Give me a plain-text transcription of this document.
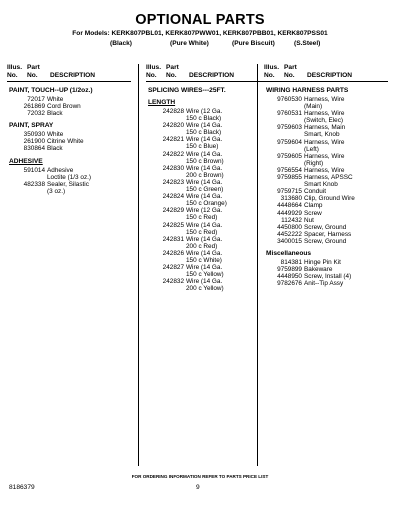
OPTIONAL PARTS
For Models: KERK807PBL01, KERK807PWW01, KERK807PBB01, KERK807PSS01
(Black)	(Pure White)	(Pure Biscuit)	(S.Steel)
Illus.
No.
Part
No.	DESCRIPTION
PAINT, TOUCH--UP (1/2oz.)
72017 White
261869 Cord Brown
72032 Black
PAINT, SPRAY
350930 White
261900 Citrine White
830864 Black
ADHESIVE
591014 Adhesive
Loctite (1/3 oz.)
482338 Sealer, Silastic
(3 oz.)
Illus.
No.
Part
No.	DESCRIPTION
SPLICING WIRES---25FT.
LENGTH
242828 Wire (12 Ga.
150 c Black)
242820 Wire (14 Ga.
150 c Black)
242821 Wire (14 Ga.
150 c Blue)
242822 Wire (14 Ga.
150 c Brown)
242830 Wire (14 Ga.
200 c Brown)
242823 Wire (14 Ga.
150 c Green)
242824 Wire (14 Ga.
150 c Orange)
242829 Wire (12 Ga.
150 c Red)
242825 Wire (14 Ga.
150 c Red)
242831 Wire (14 Ga.
200 c Red)
242826 Wire (14 Ga.
150 c White)
242827 Wire (14 Ga.
150 c Yellow)
242832 Wire (14 Ga.
200 c Yellow)
Illus.
No.
Part
No.	DESCRIPTION
WIRING HARNESS PARTS
9760530 Harness, Wire
(Main)
9760531 Harness, Wire
(Switch, Elec)
9759603 Harness, Main
Smart, Knob
9759604 Harness, Wire
(Left)
9759605 Harness, Wire
(Right)
9756554 Harness, Wire
9759855 Harness, APSSC
Smart Knob
9759715 Conduit
313680 Clip, Ground Wire
4448664 Clamp
4449929 Screw
112432 Nut
4450800 Screw, Ground
4452222 Spacer, Harness
3400015 Screw, Ground
Miscellaneous
814381 Hinge Pin Kit
9759899 Bakeware
4448950 Screw, Install (4)
9782676 Anit--Tip Assy
FOR ORDERING INFORMATION REFER TO PARTS PRICE LIST
8186379	9
